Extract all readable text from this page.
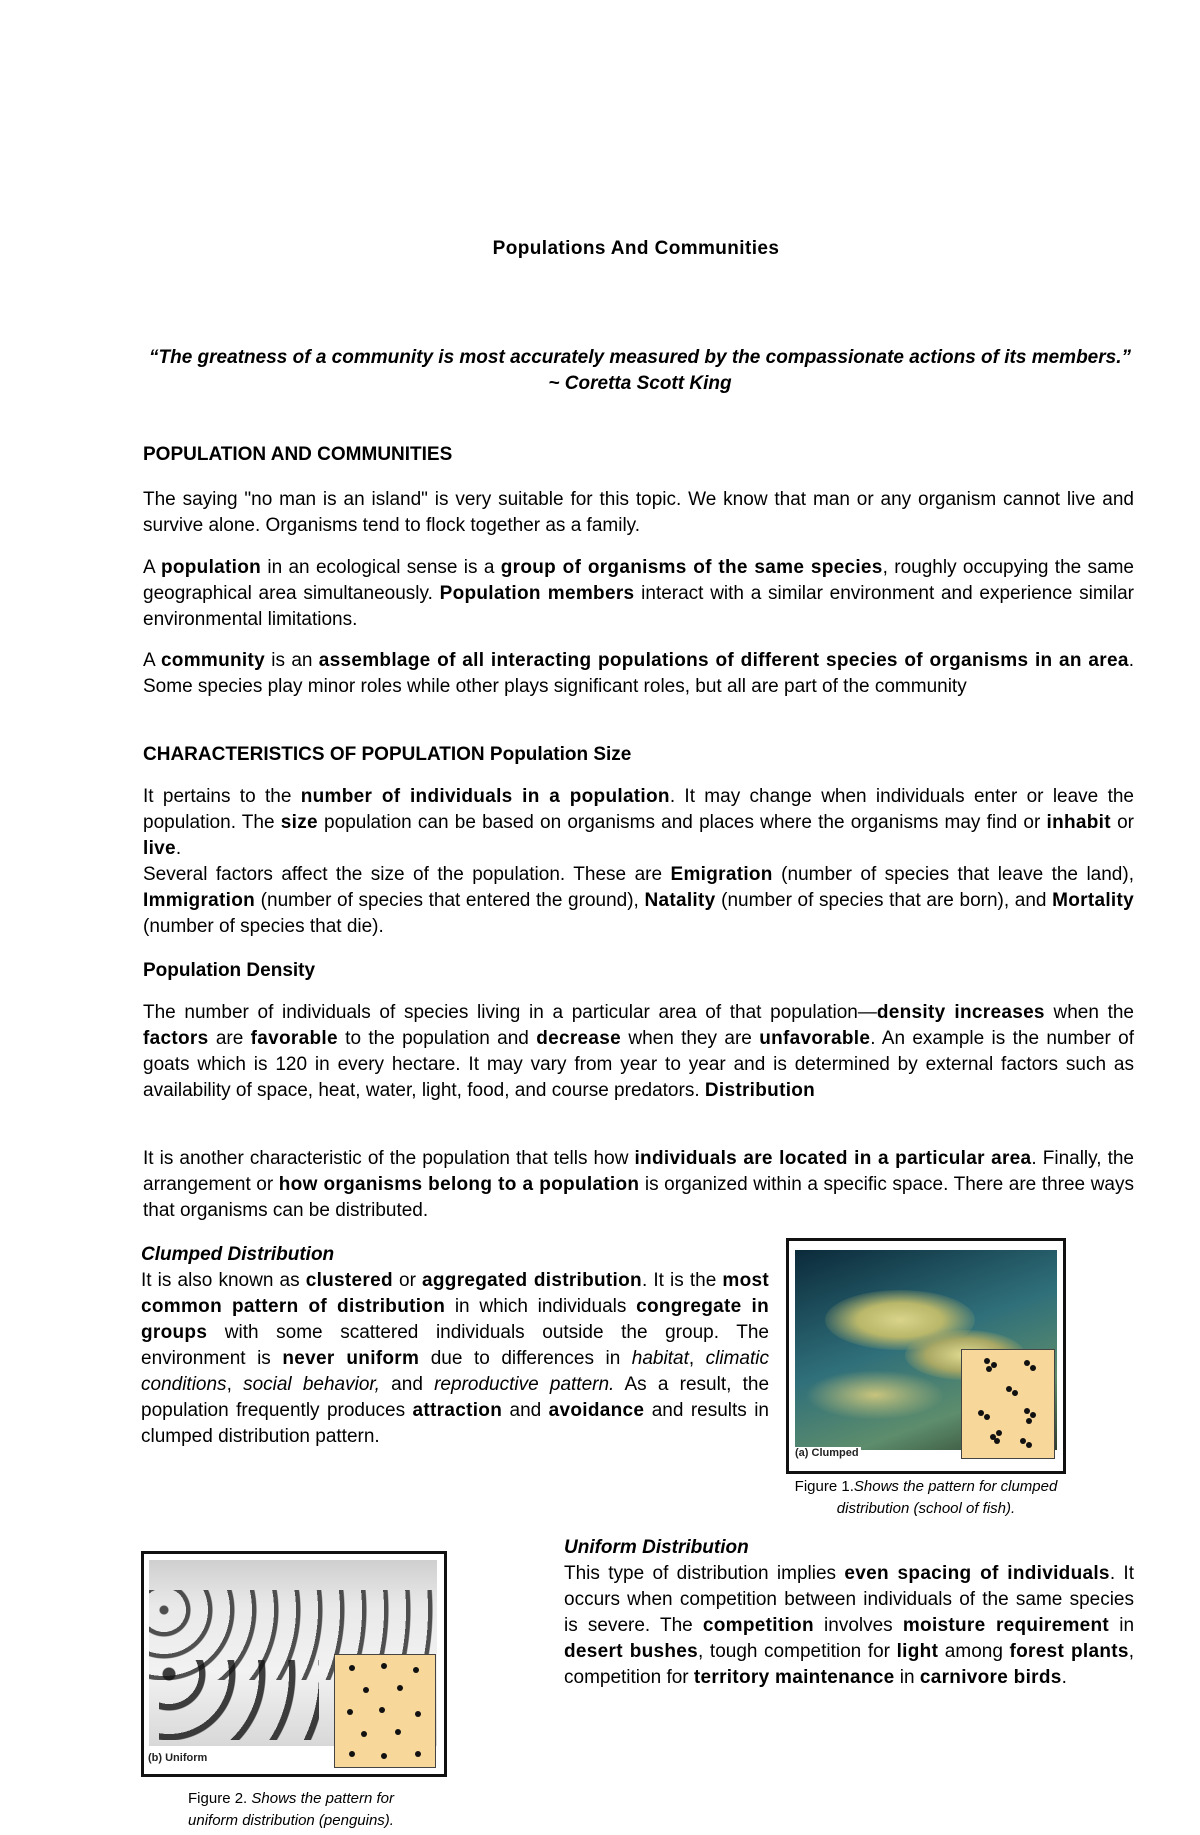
Populations And Communities
“The greatness of a community is most accurately measured by the compassionate actions of its members.” ~ Coretta Scott King
POPULATION AND COMMUNITIES

The saying "no man is an island" is very suitable for this topic. We know that man or any organism cannot live and survive alone. Organisms tend to flock together as a family.

A population in an ecological sense is a group of organisms of the same species, roughly occupying the same geographical area simultaneously. Population members interact with a similar environment and experience similar environmental limitations.

A community is an assemblage of all interacting populations of different species of organisms in an area. Some species play minor roles while other plays significant roles, but all are part of the community

CHARACTERISTICS OF POPULATION Population Size

It pertains to the number of individuals in a population. It may change when individuals enter or leave the population. The size population can be based on organisms and places where the organisms may find or inhabit or live.
Several factors affect the size of the population. These are Emigration (number of species that leave the land), Immigration (number of species that entered the ground), Natality (number of species that are born), and Mortality (number of species that die).

Population Density

The number of individuals of species living in a particular area of that population—density increases when the factors are favorable to the population and decrease when they are unfavorable. An example is the number of goats which is 120 in every hectare. It may vary from year to year and is determined by external factors such as availability of space, heat, water, light, food, and course predators. Distribution

It is another characteristic of the population that tells how individuals are located in a particular area. Finally, the arrangement or how organisms belong to a population is organized within a specific space. There are three ways that organisms can be distributed.

Clumped Distribution
It is also known as clustered or aggregated distribution. It is the most common pattern of distribution in which individuals congregate in groups with some scattered individuals outside the group. The environment is never uniform due to differences in habitat, climatic conditions, social behavior, and reproductive pattern. As a result, the population frequently produces attraction and avoidance and results in clumped distribution pattern.
(a) Clumped
Figure 1.Shows the pattern for clumped distribution (school of fish).
(b) Uniform
Figure 2. Shows the pattern for uniform distribution (penguins).
Uniform Distribution
This type of distribution implies even spacing of individuals. It occurs when competition between individuals of the same species is severe. The competition involves moisture requirement in desert bushes, tough competition for light among forest plants, competition for territory maintenance in carnivore birds.
